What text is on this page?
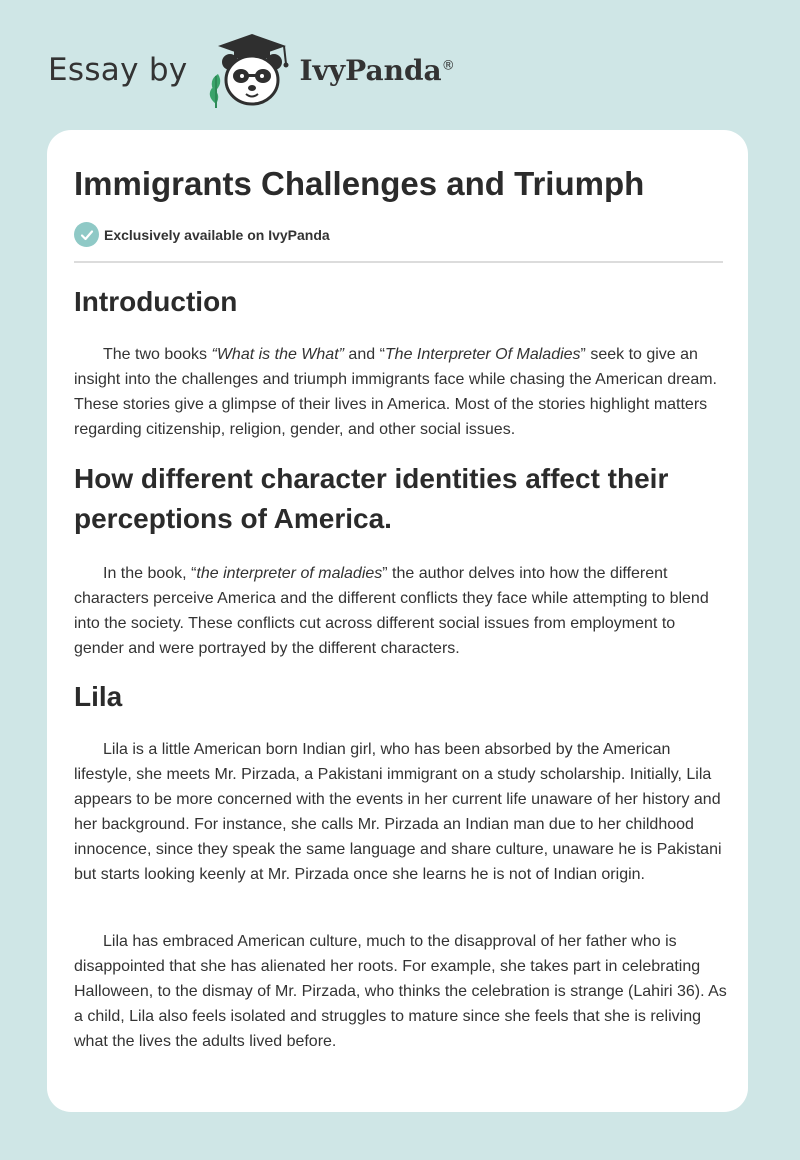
Essay by	IvyPanda®
Immigrants Challenges and Triumph
Exclusively available on IvyPanda
Introduction

The two books “What is the What” and “The Interpreter Of Maladies” seek to give an insight into the challenges and triumph immigrants face while chasing the American dream. These stories give a glimpse of their lives in America. Most of the stories highlight matters regarding citizenship, religion, gender, and other social issues.

How different character identities affect their perceptions of America.

In the book, “the interpreter of maladies” the author delves into how the different characters perceive America and the different conflicts they face while attempting to blend into the society. These conflicts cut across different social issues from employment to gender and were portrayed by the different characters.

Lila

Lila is a little American born Indian girl, who has been absorbed by the American lifestyle, she meets Mr. Pirzada, a Pakistani immigrant on a study scholarship. Initially, Lila appears to be more concerned with the events in her current life unaware of her history and her background. For instance, she calls Mr. Pirzada an Indian man due to her childhood innocence, since they speak the same language and share culture, unaware he is Pakistani but starts looking keenly at Mr. Pirzada once she learns he is not of Indian origin.

Lila has embraced American culture, much to the disapproval of her father who is disappointed that she has alienated her roots. For example, she takes part in celebrating Halloween, to the dismay of Mr. Pirzada, who thinks the celebration is strange (Lahiri 36). As a child, Lila also feels isolated and struggles to mature since she feels that she is reliving what the lives the adults lived before.
